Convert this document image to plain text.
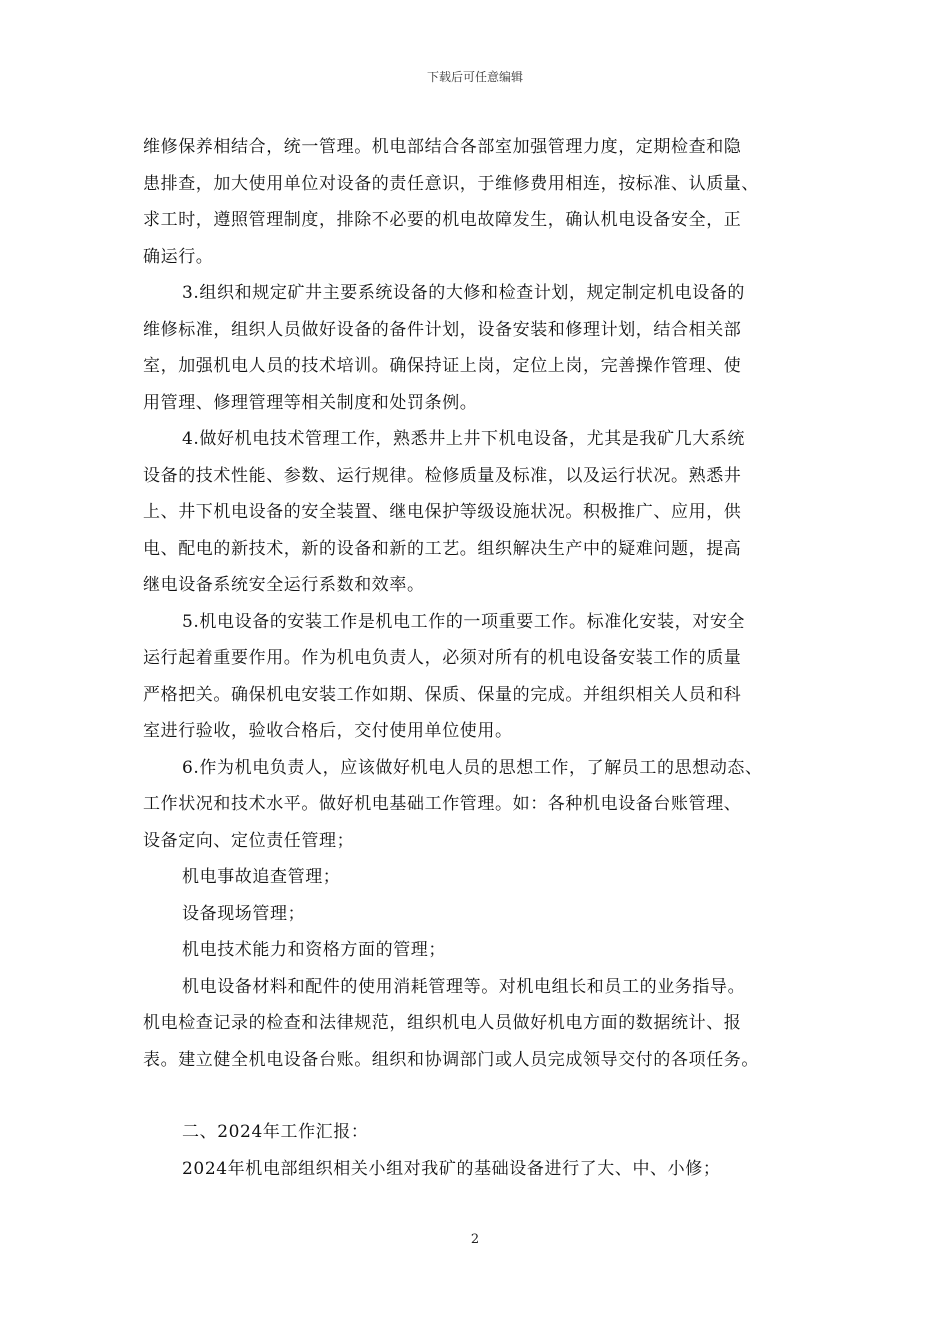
下载后可任意编辑

维修保养相结合，统一管理。机电部结合各部室加强管理力度，定期检查和隐
患排查，加大使用单位对设备的责任意识，于维修费用相连，按标准、认质量、
求工时，遵照管理制度，排除不必要的机电故障发生，确认机电设备安全，正
确运行。

3.组织和规定矿井主要系统设备的大修和检查计划，规定制定机电设备的
维修标准，组织人员做好设备的备件计划，设备安装和修理计划，结合相关部
室，加强机电人员的技术培训。确保持证上岗，定位上岗，完善操作管理、使
用管理、修理管理等相关制度和处罚条例。

4.做好机电技术管理工作，熟悉井上井下机电设备，尤其是我矿几大系统
设备的技术性能、参数、运行规律。检修质量及标准，以及运行状况。熟悉井
上、井下机电设备的安全装置、继电保护等级设施状况。积极推广、应用，供
电、配电的新技术，新的设备和新的工艺。组织解决生产中的疑难问题，提高
继电设备系统安全运行系数和效率。

5.机电设备的安装工作是机电工作的一项重要工作。标准化安装，对安全
运行起着重要作用。作为机电负责人，必须对所有的机电设备安装工作的质量
严格把关。确保机电安装工作如期、保质、保量的完成。并组织相关人员和科
室进行验收，验收合格后，交付使用单位使用。

6.作为机电负责人，应该做好机电人员的思想工作，了解员工的思想动态、
工作状况和技术水平。做好机电基础工作管理。如：各种机电设备台账管理、
设备定向、定位责任管理；

机电事故追查管理；

设备现场管理；

机电技术能力和资格方面的管理；

机电设备材料和配件的使用消耗管理等。对机电组长和员工的业务指导。
机电检查记录的检查和法律规范，组织机电人员做好机电方面的数据统计、报
表。建立健全机电设备台账。组织和协调部门或人员完成领导交付的各项任务。

二、2024年工作汇报：

2024年机电部组织相关小组对我矿的基础设备进行了大、中、小修；

2
